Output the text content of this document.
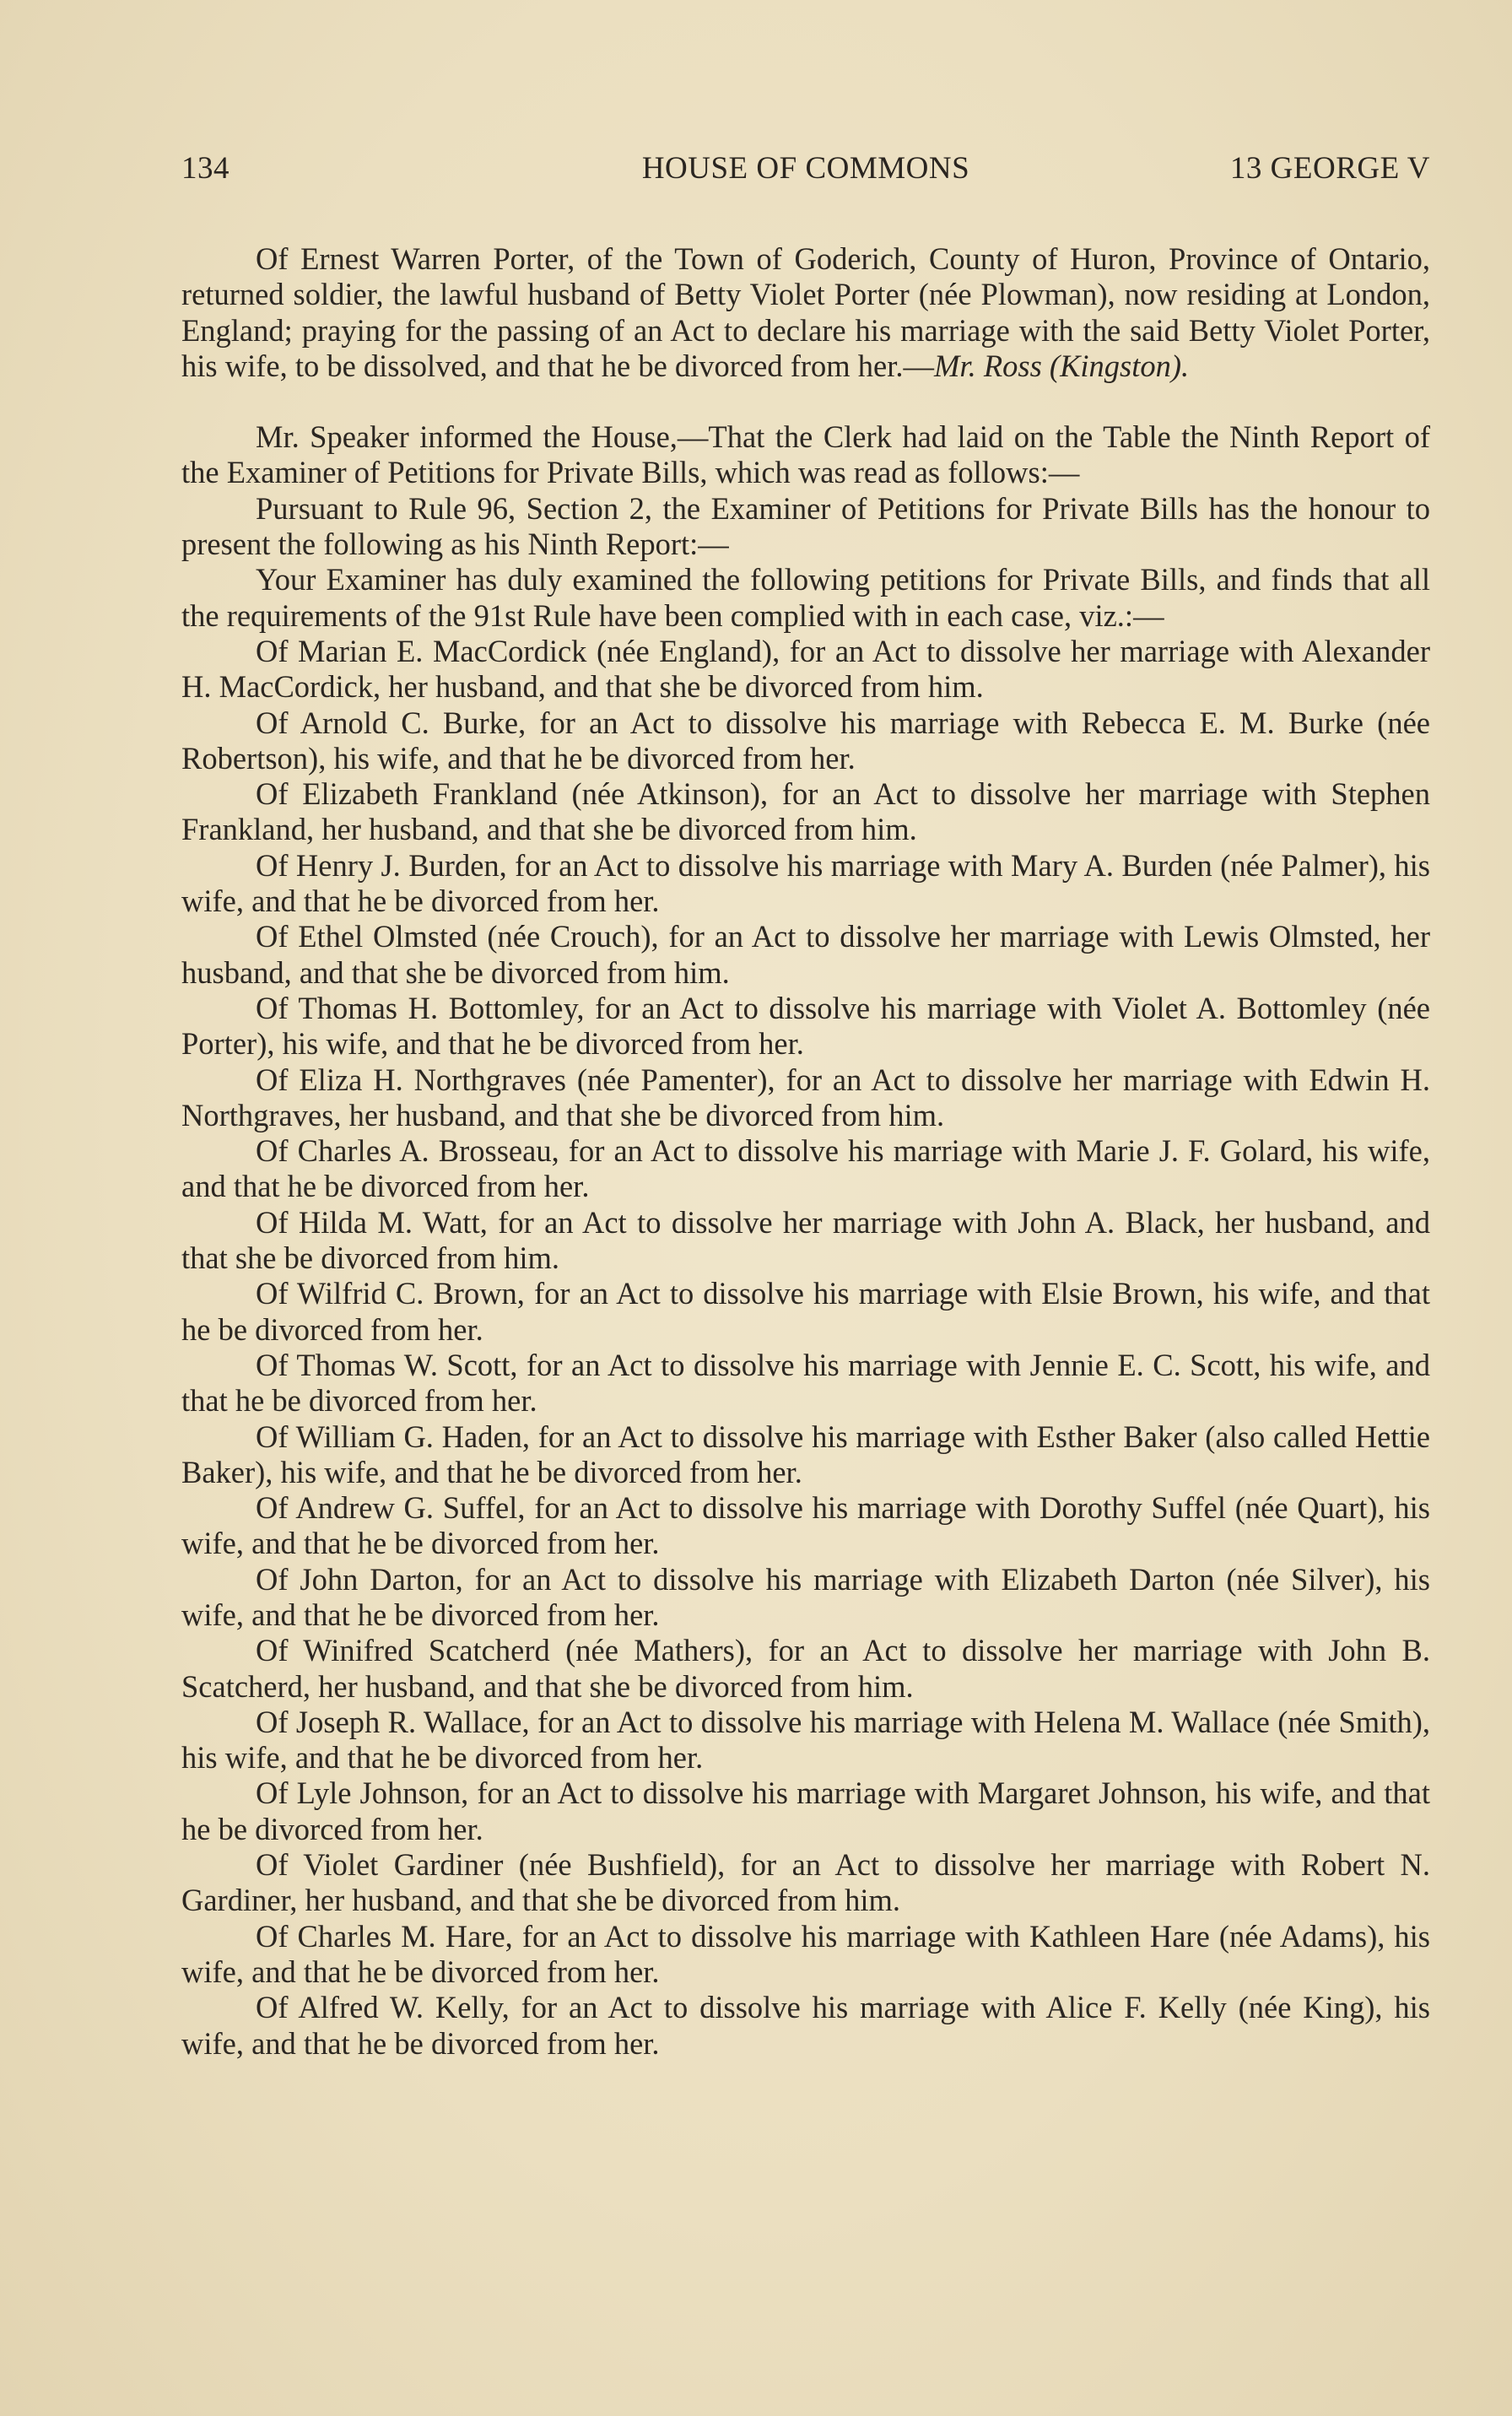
134	HOUSE OF COMMONS	13 GEORGE V

Of Ernest Warren Porter, of the Town of Goderich, County of Huron, Province of Ontario, returned soldier, the lawful husband of Betty Violet Porter (née Plowman), now residing at London, England; praying for the passing of an Act to declare his marriage with the said Betty Violet Porter, his wife, to be dissolved, and that he be divorced from her.—Mr. Ross (Kingston).

Mr. Speaker informed the House,—That the Clerk had laid on the Table the Ninth Report of the Examiner of Petitions for Private Bills, which was read as follows:—

Pursuant to Rule 96, Section 2, the Examiner of Petitions for Private Bills has the honour to present the following as his Ninth Report:—

Your Examiner has duly examined the following petitions for Private Bills, and finds that all the requirements of the 91st Rule have been complied with in each case, viz.:—

Of Marian E. MacCordick (née England), for an Act to dissolve her marriage with Alexander H. MacCordick, her husband, and that she be divorced from him.

Of Arnold C. Burke, for an Act to dissolve his marriage with Rebecca E. M. Burke (née Robertson), his wife, and that he be divorced from her.

Of Elizabeth Frankland (née Atkinson), for an Act to dissolve her marriage with Stephen Frankland, her husband, and that she be divorced from him.

Of Henry J. Burden, for an Act to dissolve his marriage with Mary A. Burden (née Palmer), his wife, and that he be divorced from her.

Of Ethel Olmsted (née Crouch), for an Act to dissolve her marriage with Lewis Olmsted, her husband, and that she be divorced from him.

Of Thomas H. Bottomley, for an Act to dissolve his marriage with Violet A. Bottomley (née Porter), his wife, and that he be divorced from her.

Of Eliza H. Northgraves (née Pamenter), for an Act to dissolve her marriage with Edwin H. Northgraves, her husband, and that she be divorced from him.

Of Charles A. Brosseau, for an Act to dissolve his marriage with Marie J. F. Golard, his wife, and that he be divorced from her.

Of Hilda M. Watt, for an Act to dissolve her marriage with John A. Black, her husband, and that she be divorced from him.

Of Wilfrid C. Brown, for an Act to dissolve his marriage with Elsie Brown, his wife, and that he be divorced from her.

Of Thomas W. Scott, for an Act to dissolve his marriage with Jennie E. C. Scott, his wife, and that he be divorced from her.

Of William G. Haden, for an Act to dissolve his marriage with Esther Baker (also called Hettie Baker), his wife, and that he be divorced from her.

Of Andrew G. Suffel, for an Act to dissolve his marriage with Dorothy Suffel (née Quart), his wife, and that he be divorced from her.

Of John Darton, for an Act to dissolve his marriage with Elizabeth Darton (née Silver), his wife, and that he be divorced from her.

Of Winifred Scatcherd (née Mathers), for an Act to dissolve her marriage with John B. Scatcherd, her husband, and that she be divorced from him.

Of Joseph R. Wallace, for an Act to dissolve his marriage with Helena M. Wallace (née Smith), his wife, and that he be divorced from her.

Of Lyle Johnson, for an Act to dissolve his marriage with Margaret Johnson, his wife, and that he be divorced from her.

Of Violet Gardiner (née Bushfield), for an Act to dissolve her marriage with Robert N. Gardiner, her husband, and that she be divorced from him.

Of Charles M. Hare, for an Act to dissolve his marriage with Kathleen Hare (née Adams), his wife, and that he be divorced from her.

Of Alfred W. Kelly, for an Act to dissolve his marriage with Alice F. Kelly (née King), his wife, and that he be divorced from her.
